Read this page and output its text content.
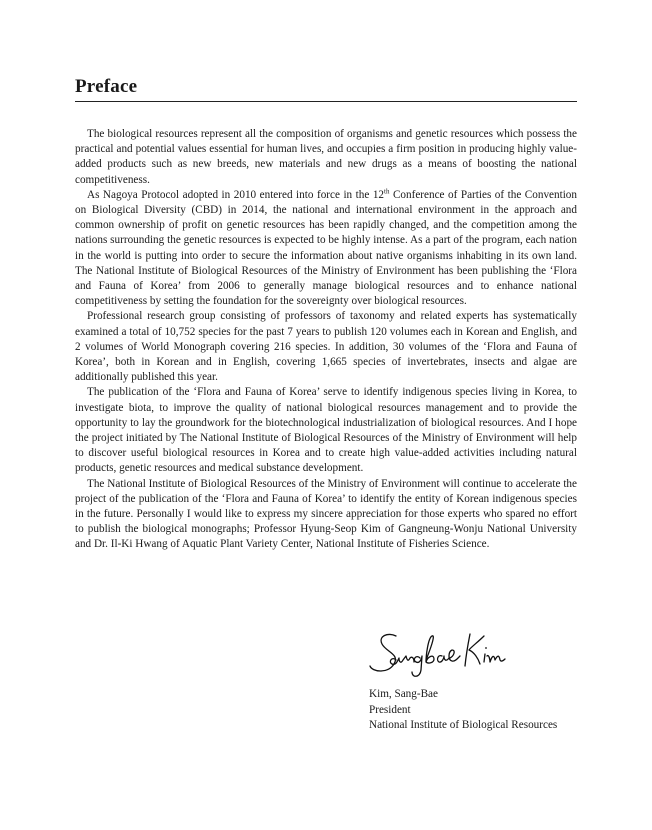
Preface

The biological resources represent all the composition of organisms and genetic resources which possess the practical and potential values essential for human lives, and occupies a firm position in producing highly value-added products such as new breeds, new materials and new drugs as a means of boosting the national competitiveness.

As Nagoya Protocol adopted in 2010 entered into force in the 12th Conference of Parties of the Convention on Biological Diversity (CBD) in 2014, the national and international environment in the approach and common ownership of profit on genetic resources has been rapidly changed, and the competition among the nations surrounding the genetic resources is expected to be highly intense. As a part of the program, each nation in the world is putting into order to secure the information about native organisms inhabiting in its own land. The National Institute of Biological Resources of the Ministry of Environment has been publishing the ‘Flora and Fauna of Korea’ from 2006 to generally manage biological resources and to enhance national competitiveness by setting the foundation for the sovereignty over biological resources.

Professional research group consisting of professors of taxonomy and related experts has systematically examined a total of 10,752 species for the past 7 years to publish 120 volumes each in Korean and English, and 2 volumes of World Monograph covering 216 species. In addition, 30 volumes of the ‘Flora and Fauna of Korea’, both in Korean and in English, covering 1,665 species of invertebrates, insects and algae are additionally published this year.

The publication of the ‘Flora and Fauna of Korea’ serve to identify indigenous species living in Korea, to investigate biota, to improve the quality of national biological resources management and to provide the opportunity to lay the groundwork for the biotechnological industrialization of biological resources. And I hope the project initiated by The National Institute of Biological Resources of the Ministry of Environment will help to discover useful biological resources in Korea and to create high value-added activities including natural products, genetic resources and medical substance development.

The National Institute of Biological Resources of the Ministry of Environment will continue to accelerate the project of the publication of the ‘Flora and Fauna of Korea’ to identify the entity of Korean indigenous species in the future. Personally I would like to express my sincere appreciation for those experts who spared no effort to publish the biological monographs; Professor Hyung-Seop Kim of Gangneung-Wonju National University and Dr. Il-Ki Hwang of Aquatic Plant Variety Center, National Institute of Fisheries Science.

Kim, Sang-Bae
President
National Institute of Biological Resources
